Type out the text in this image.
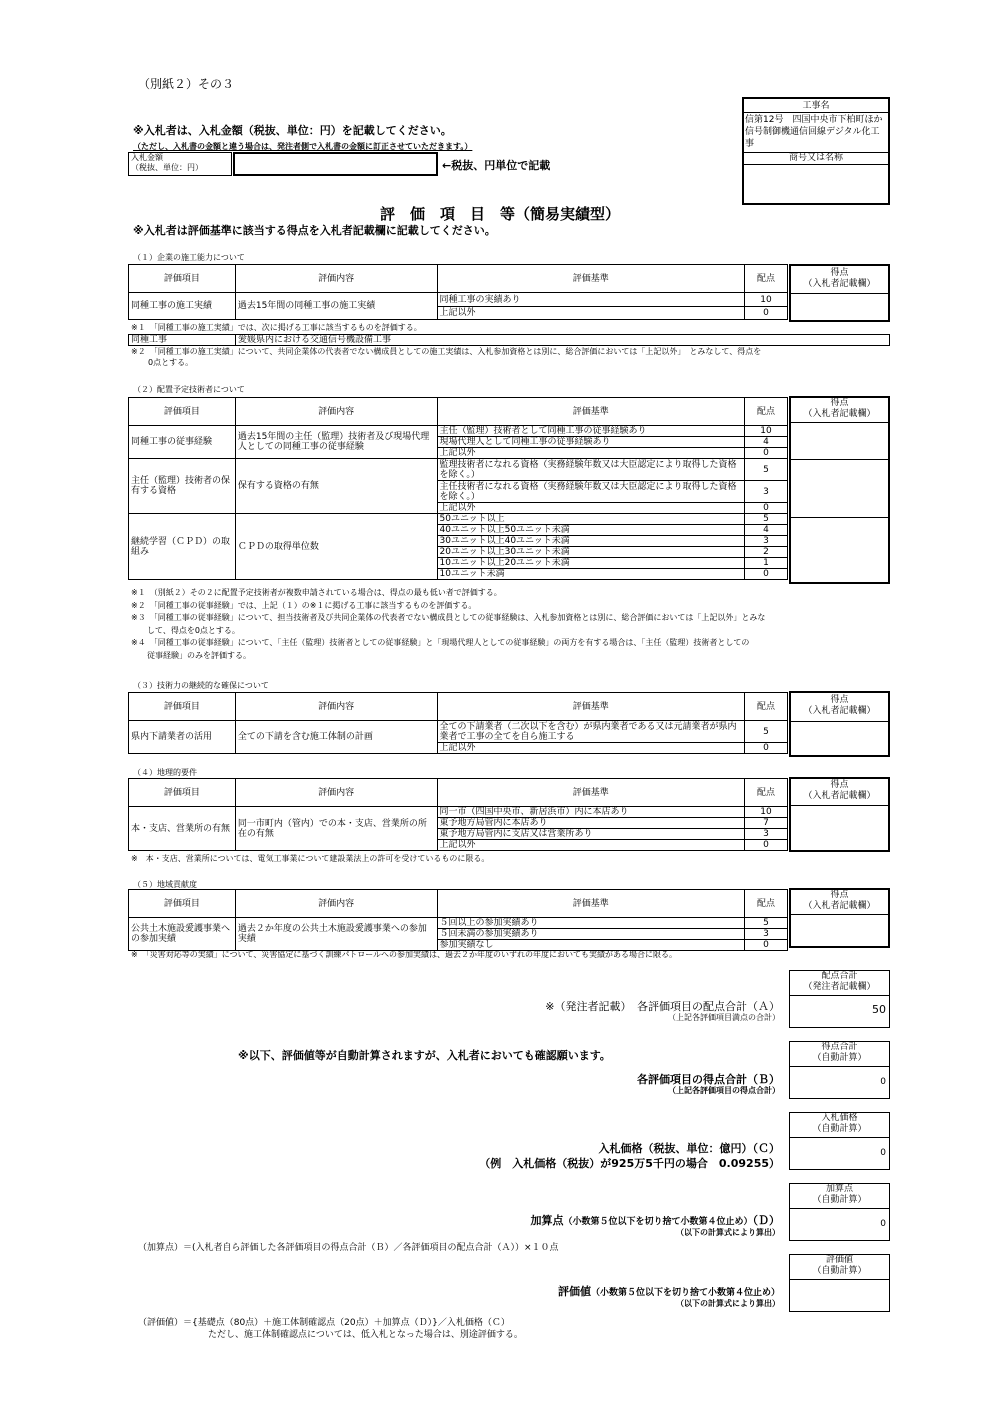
（別紙２）その３
※入札者は、入札金額（税抜、単位：円）を記載してください。
（ただし、入札書の金額と違う場合は、発注者側で入札書の金額に訂正させていただきます。）
入札金額
（税抜、単位：円）	←税抜、円単位で記載
工事名
信第12号　四国中央市下柏町ほか信号制御機通信回線デジタル化工事
商号又は名称
評　価　項　目　等（簡易実績型）
※入札者は評価基準に該当する得点を入札者記載欄に記載してください。
（１）企業の施工能力について
評価項目	評価内容	評価基準	配点
同種工事の施工実績	過去15年間の同種工事の施工実績	同種工事の実績あり	10
		上記以外	0
得点
（入札者記載欄）
※１　「同種工事の施工実績」では、次に掲げる工事に該当するものを評価する。
同種工事	愛媛県内における交通信号機設備工事
※２　「同種工事の施工実績」について、共同企業体の代表者でない構成員としての施工実績は、入札参加資格とは別に、総合評価においては「上記以外」　とみなして、得点を
0点とする。
（２）配置予定技術者について
評価項目	評価内容	評価基準	配点
同種工事の従事経験	過去15年間の主任（監理）技術者及び現場代理人としての同種工事の従事経験	主任（監理）技術者として同種工事の従事経験あり	10
		現場代理人として同種工事の従事経験あり	4
		上記以外	0
主任（監理）技術者の保有する資格	保有する資格の有無	監理技術者になれる資格（実務経験年数又は大臣認定により取得した資格を除く。）	5
		主任技術者になれる資格（実務経験年数又は大臣認定により取得した資格を除く。）	3
		上記以外	0
継続学習（ＣＰＤ）の取組み	ＣＰＤの取得単位数	50ユニット以上	5
		40ユニット以上50ユニット未満	4
		30ユニット以上40ユニット未満	3
		20ユニット以上30ユニット未満	2
		10ユニット以上20ユニット未満	1
		10ユニット未満	0
得点
（入札者記載欄）
※１　（別紙２）その２に配置予定技術者が複数申請されている場合は、得点の最も低い者で評価する。
※２　「同種工事の従事経験」では、上記（１）の※１に掲げる工事に該当するものを評価する。
※３　「同種工事の従事経験」について、担当技術者及び共同企業体の代表者でない構成員としての従事経験は、入札参加資格とは別に、総合評価においては「上記以外」とみな
　　して、得点を0点とする。
※４　「同種工事の従事経験」について、「主任（監理）技術者としての従事経験」と「現場代理人としての従事経験」の両方を有する場合は、「主任（監理）技術者としての
　　従事経験」のみを評価する。
（３）技術力の継続的な確保について
評価項目	評価内容	評価基準	配点
県内下請業者の活用	全ての下請を含む施工体制の計画	全ての下請業者（二次以下を含む）が県内業者である又は元請業者が県内業者で工事の全てを自ら施工する	5
		上記以外	0
得点
（入札者記載欄）
（４）地理的要件
評価項目	評価内容	評価基準	配点
本・支店、営業所の有無	同一市町内（管内）での本・支店、営業所の所在の有無	同一市（四国中央市、新居浜市）内に本店あり	10
		東予地方局管内に本店あり	7
		東予地方局管内に支店又は営業所あり	3
		上記以外	0
得点
（入札者記載欄）
※　本・支店、営業所については、電気工事業について建設業法上の許可を受けているものに限る。
（５）地域貢献度
評価項目	評価内容	評価基準	配点
公共土木施設愛護事業への参加実績	過去２か年度の公共土木施設愛護事業への参加実績	５回以上の参加実績あり	5
		５回未満の参加実績あり	3
		参加実績なし	0
得点
（入札者記載欄）
※　「災害対応等の実績」について、災害協定に基づく訓練パトロールへの参加実績は、過去２か年度のいずれの年度においても実績がある場合に限る。
配点合計
（発注者記載欄）
50
※（発注者記載）　各評価項目の配点合計（Ａ）
（上記各評価項目満点の合計）
※以下、評価値等が自動計算されますが、入札者においても確認願います。
得点合計
（自動計算）
0
各評価項目の得点合計（Ｂ）
（上記各評価項目の得点合計）
入札価格
（自動計算）
0
入札価格（税抜、単位：億円）（Ｃ）
（例　入札価格（税抜）が925万5千円の場合　0.09255）
加算点
（自動計算）
0
加算点（小数第５位以下を切り捨て小数第４位止め）（Ｄ）
（以下の計算式により算出）
（加算点）＝(入札者自ら評価した各評価項目の得点合計（Ｂ）／各評価項目の配点合計（Ａ））×１０点
評価値
（自動計算）
評価値（小数第５位以下を切り捨て小数第４位止め）
（以下の計算式により算出）
（評価値）＝{基礎点（80点）＋施工体制確認点（20点）＋加算点（Ｄ）}／入札価格（Ｃ）
ただし、施工体制確認点については、低入札となった場合は、別途評価する。
